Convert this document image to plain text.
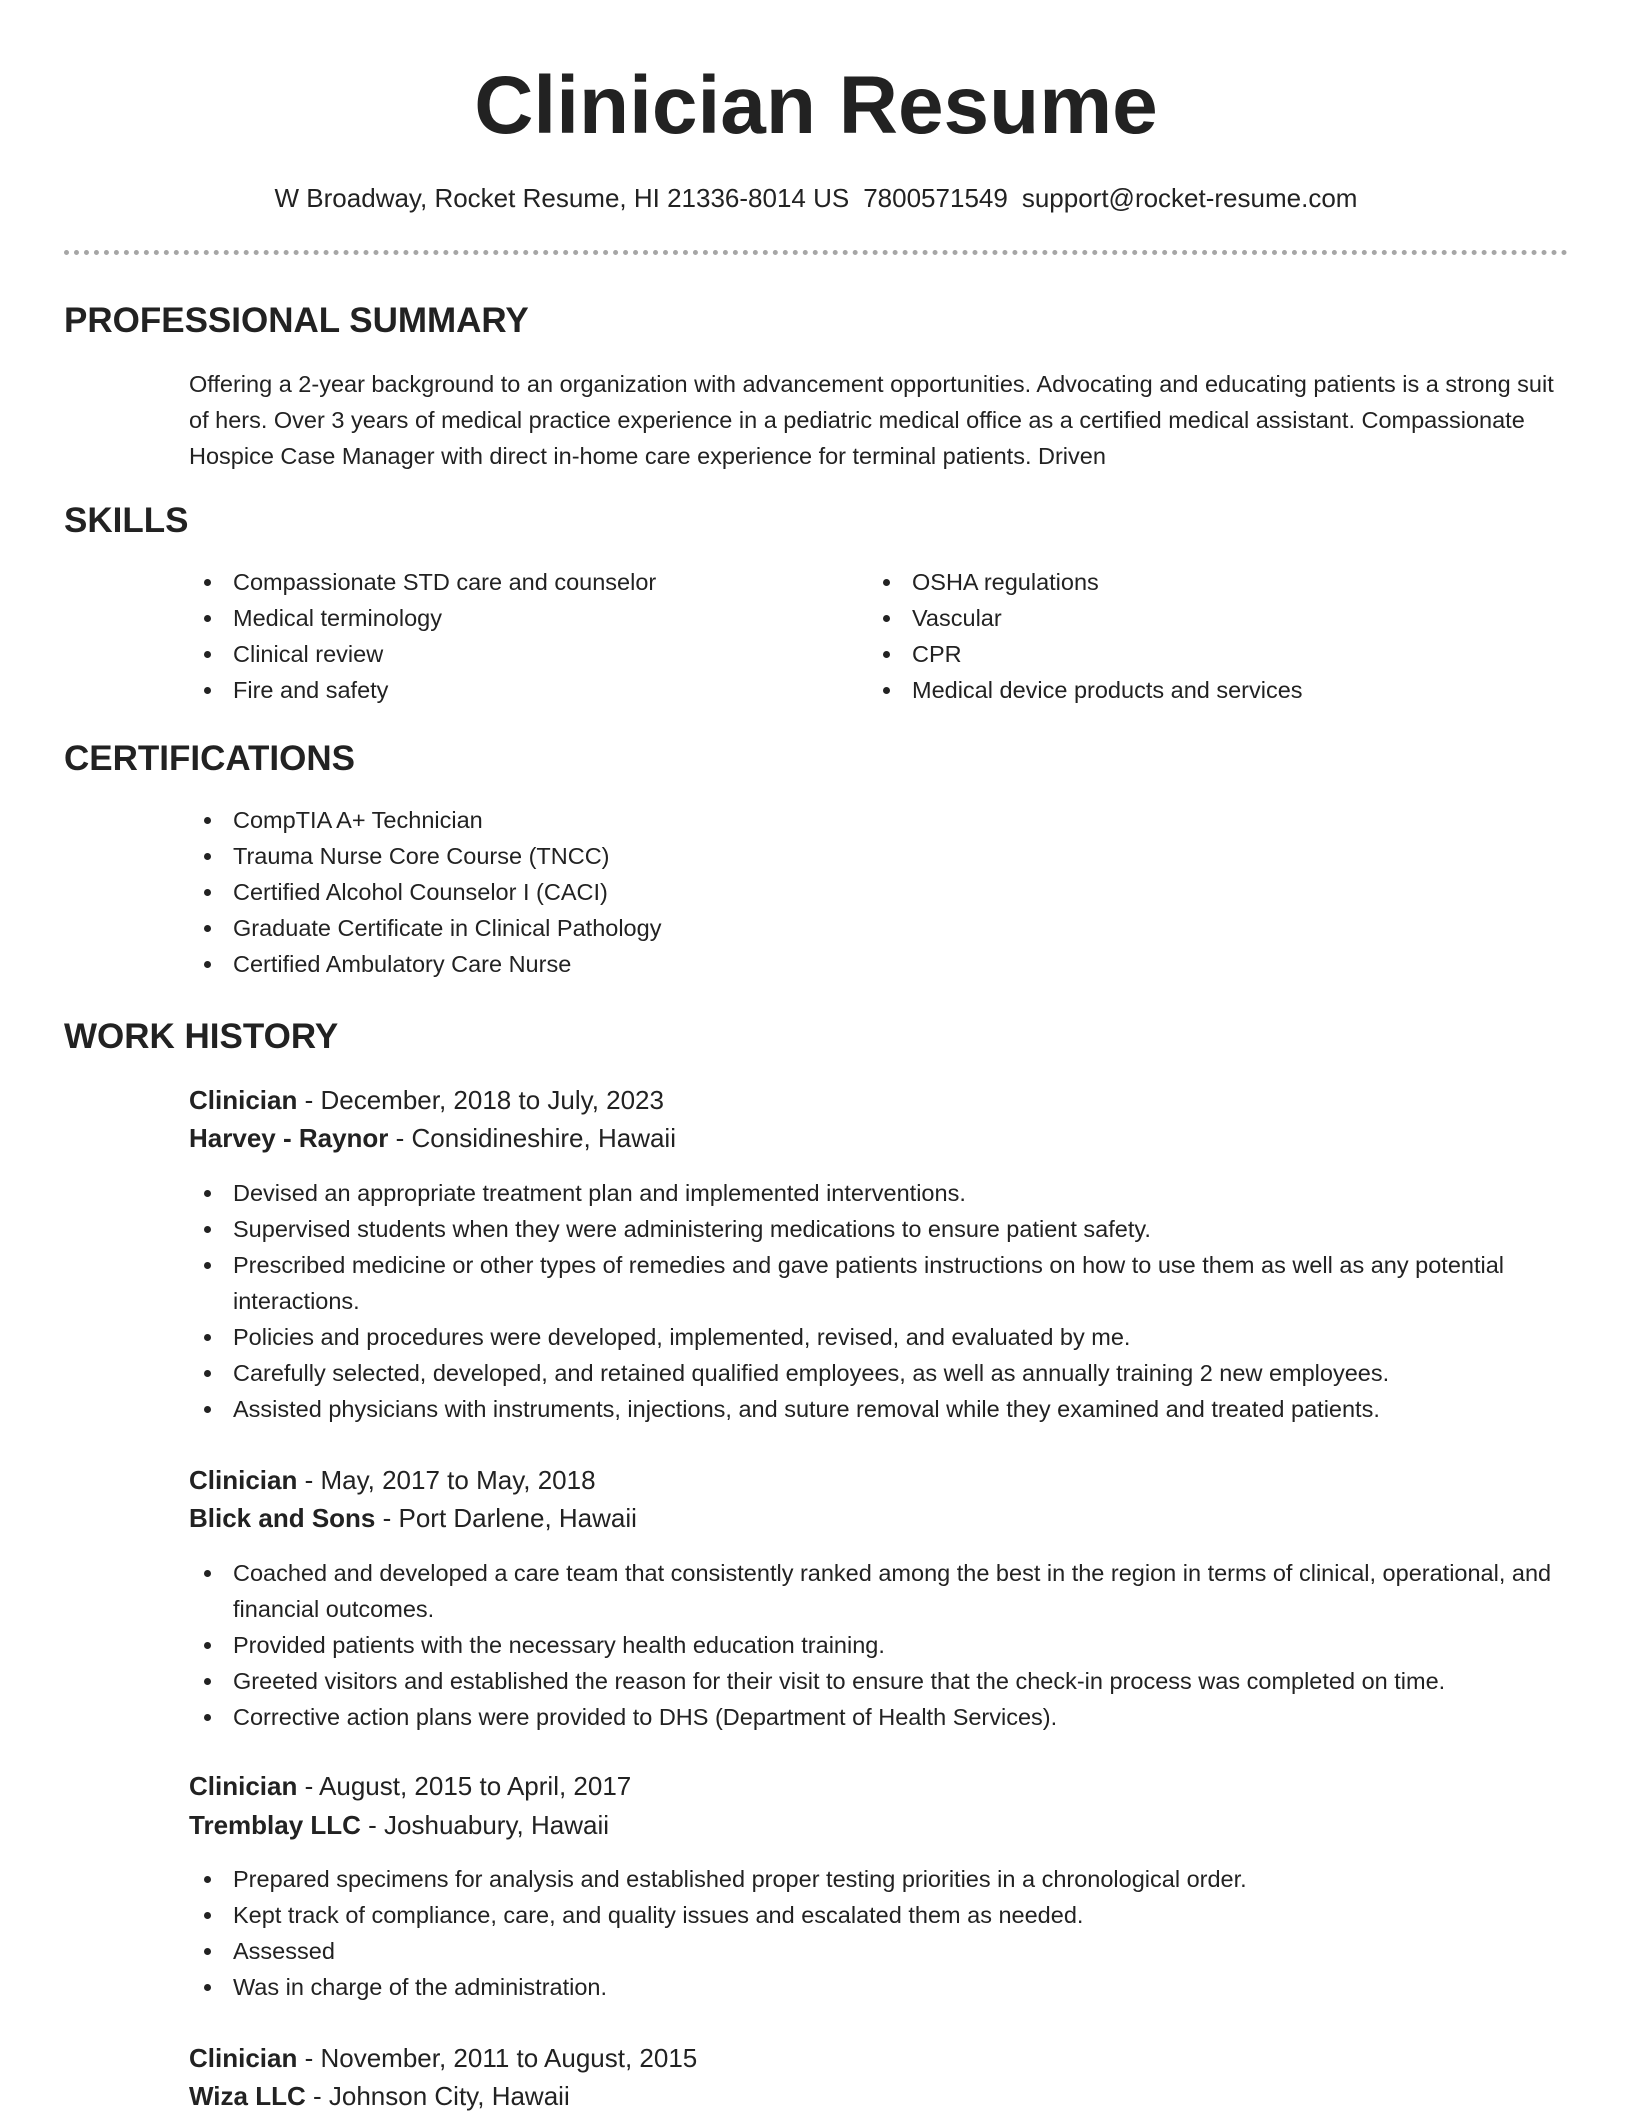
Clinician Resume
W Broadway, Rocket Resume, HI 21336-8014 US 7800571549 support@rocket-resume.com
PROFESSIONAL SUMMARY

Offering a 2-year background to an organization with advancement opportunities. Advocating and educating patients is a strong suit of hers. Over 3 years of medical practice experience in a pediatric medical office as a certified medical assistant. Compassionate Hospice Case Manager with direct in-home care experience for terminal patients. Driven

SKILLS
Compassionate STD care and counselor
Medical terminology
Clinical review
Fire and safety
OSHA regulations
Vascular
CPR
Medical device products and services
CERTIFICATIONS
CompTIA A+ Technician
Trauma Nurse Core Course (TNCC)
Certified Alcohol Counselor I (CACI)
Graduate Certificate in Clinical Pathology
Certified Ambulatory Care Nurse
WORK HISTORY
Clinician - December, 2018 to July, 2023
Harvey - Raynor - Considineshire, Hawaii
Devised an appropriate treatment plan and implemented interventions.
Supervised students when they were administering medications to ensure patient safety.
Prescribed medicine or other types of remedies and gave patients instructions on how to use them as well as any potential interactions.
Policies and procedures were developed, implemented, revised, and evaluated by me.
Carefully selected, developed, and retained qualified employees, as well as annually training 2 new employees.
Assisted physicians with instruments, injections, and suture removal while they examined and treated patients.
Clinician - May, 2017 to May, 2018
Blick and Sons - Port Darlene, Hawaii
Coached and developed a care team that consistently ranked among the best in the region in terms of clinical, operational, and financial outcomes.
Provided patients with the necessary health education training.
Greeted visitors and established the reason for their visit to ensure that the check-in process was completed on time.
Corrective action plans were provided to DHS (Department of Health Services).
Clinician - August, 2015 to April, 2017
Tremblay LLC - Joshuabury, Hawaii
Prepared specimens for analysis and established proper testing priorities in a chronological order.
Kept track of compliance, care, and quality issues and escalated them as needed.
Assessed
Was in charge of the administration.
Clinician - November, 2011 to August, 2015
Wiza LLC - Johnson City, Hawaii
